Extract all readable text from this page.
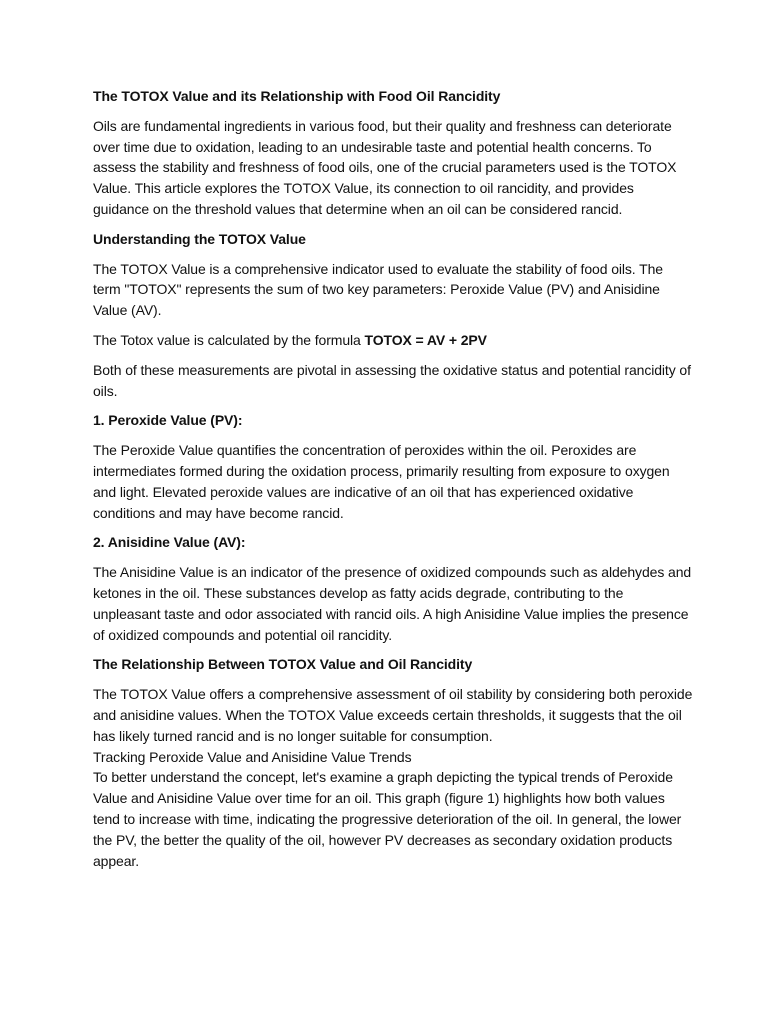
The TOTOX Value and its Relationship with Food Oil Rancidity

Oils are fundamental ingredients in various food, but their quality and freshness can deteriorate over time due to oxidation, leading to an undesirable taste and potential health concerns. To assess the stability and freshness of food oils, one of the crucial parameters used is the TOTOX Value. This article explores the TOTOX Value, its connection to oil rancidity, and provides guidance on the threshold values that determine when an oil can be considered rancid.

Understanding the TOTOX Value

The TOTOX Value is a comprehensive indicator used to evaluate the stability of food oils. The term "TOTOX" represents the sum of two key parameters: Peroxide Value (PV) and Anisidine Value (AV).

The Totox value is calculated by the formula TOTOX = AV + 2PV

Both of these measurements are pivotal in assessing the oxidative status and potential rancidity of oils.

1. Peroxide Value (PV):

The Peroxide Value quantifies the concentration of peroxides within the oil. Peroxides are intermediates formed during the oxidation process, primarily resulting from exposure to oxygen and light. Elevated peroxide values are indicative of an oil that has experienced oxidative conditions and may have become rancid.

2. Anisidine Value (AV):

The Anisidine Value is an indicator of the presence of oxidized compounds such as aldehydes and ketones in the oil. These substances develop as fatty acids degrade, contributing to the unpleasant taste and odor associated with rancid oils. A high Anisidine Value implies the presence of oxidized compounds and potential oil rancidity.

The Relationship Between TOTOX Value and Oil Rancidity

The TOTOX Value offers a comprehensive assessment of oil stability by considering both peroxide and anisidine values. When the TOTOX Value exceeds certain thresholds, it suggests that the oil has likely turned rancid and is no longer suitable for consumption.

Tracking Peroxide Value and Anisidine Value Trends

To better understand the concept, let's examine a graph depicting the typical trends of Peroxide Value and Anisidine Value over time for an oil. This graph (figure 1) highlights how both values tend to increase with time, indicating the progressive deterioration of the oil. In general, the lower the PV, the better the quality of the oil, however PV decreases as secondary oxidation products appear.
